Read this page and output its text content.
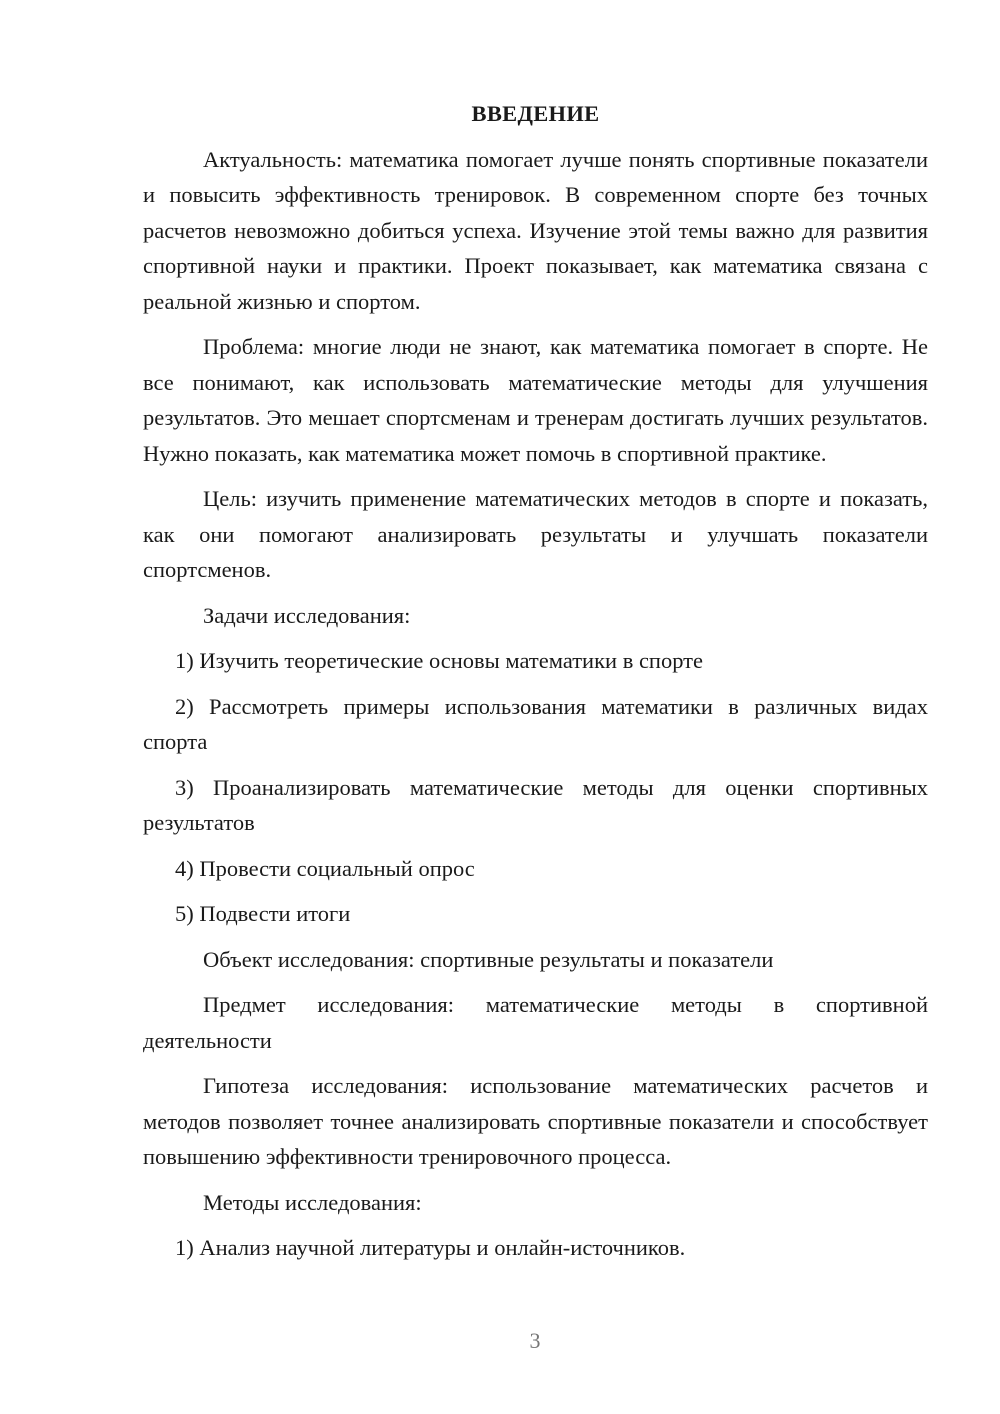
ВВЕДЕНИЕ
Актуальность: математика помогает лучше понять спортивные показатели и повысить эффективность тренировок. В современном спорте без точных расчетов невозможно добиться успеха. Изучение этой темы важно для развития спортивной науки и практики. Проект показывает, как математика связана с реальной жизнью и спортом.
Проблема: многие люди не знают, как математика помогает в спорте. Не все понимают, как использовать математические методы для улучшения результатов. Это мешает спортсменам и тренерам достигать лучших результатов. Нужно показать, как математика может помочь в спортивной практике.
Цель: изучить применение математических методов в спорте и показать, как они помогают анализировать результаты и улучшать показатели спортсменов.
Задачи исследования:
1) Изучить теоретические основы математики в спорте
2) Рассмотреть примеры использования математики в различных видах спорта
3) Проанализировать математические методы для оценки спортивных результатов
4) Провести социальный опрос
5) Подвести итоги
Объект исследования: спортивные результаты и показатели
Предмет исследования: математические методы в спортивной деятельности
Гипотеза исследования: использование математических расчетов и методов позволяет точнее анализировать спортивные показатели и способствует повышению эффективности тренировочного процесса.
Методы исследования:
1) Анализ научной литературы и онлайн-источников.
3
